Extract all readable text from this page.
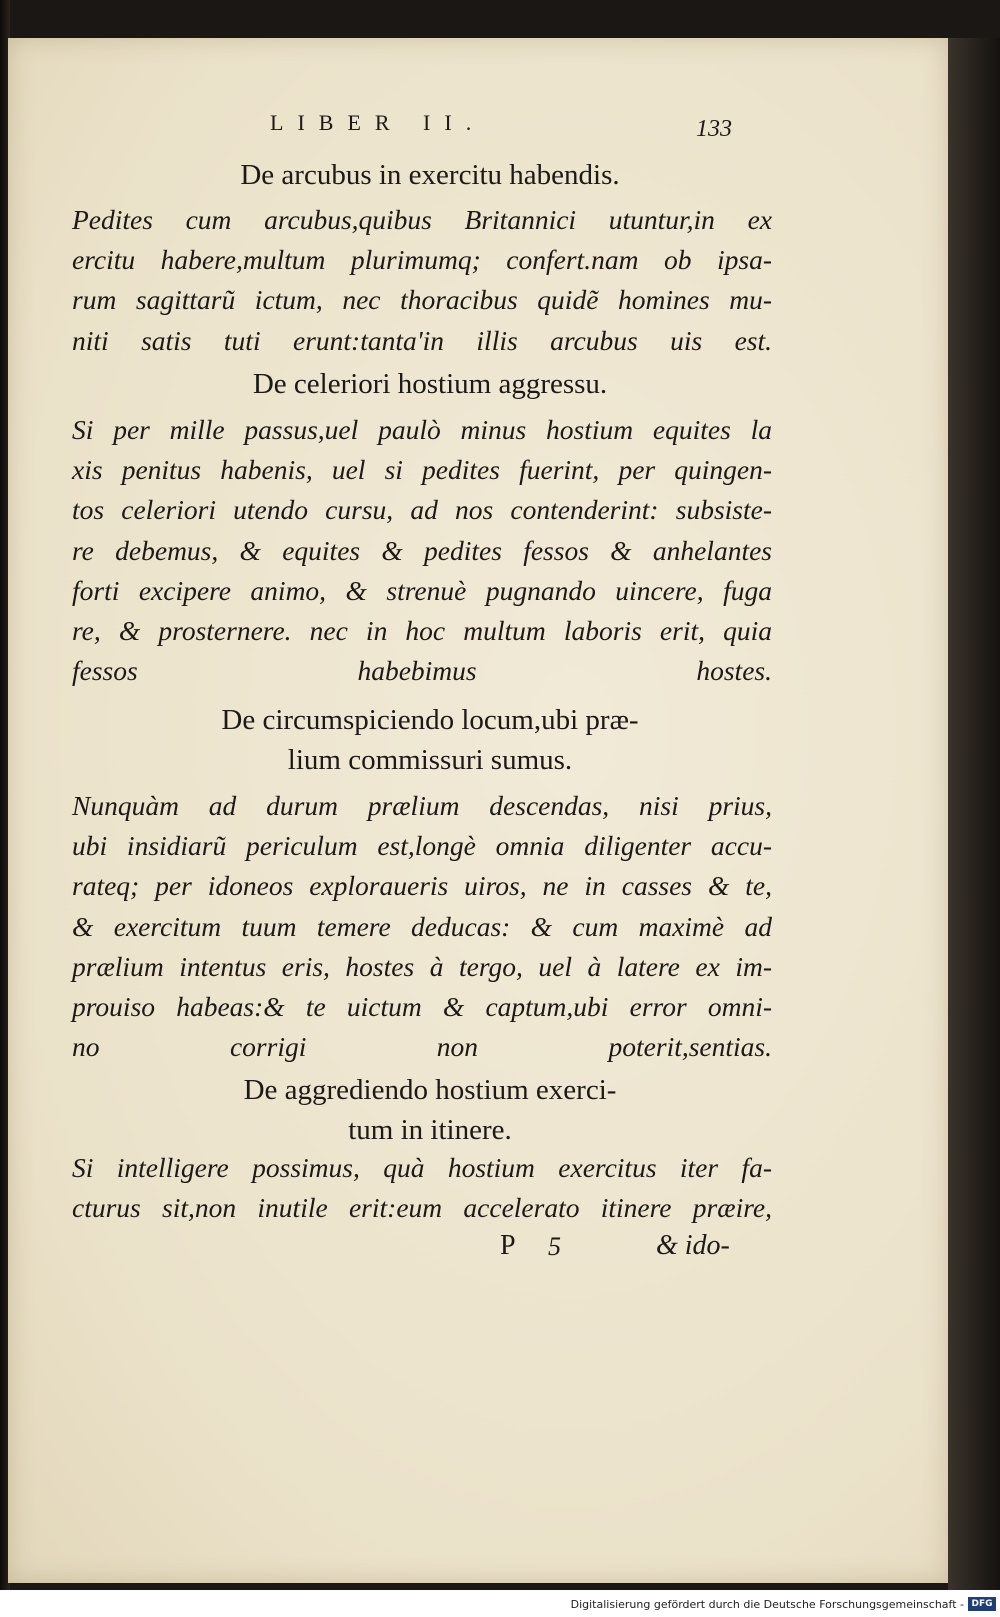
LIBER II.	133
De arcubus in exercitu habendis.
Pedites cum arcubus,quibus Britannici utuntur,in ex
ercitu habere,multum plurimumq; confert.nam ob ipsa-
rum sagittarũ ictum, nec thoracibus quidẽ homines mu-
niti satis tuti erunt:tanta'in illis arcubus uis est.
De celeriori hostium aggressu.
Si per mille passus,uel paulò minus hostium equites la
xis penitus habenis, uel si pedites fuerint, per quingen-
tos celeriori utendo cursu, ad nos contenderint: subsiste-
re debemus, & equites & pedites fessos & anhelantes
forti excipere animo, & strenuè pugnando uincere, fuga
re, & prosternere. nec in hoc multum laboris erit, quia
fessos habebimus hostes.
De circumspiciendo locum,ubi præ-
lium commissuri sumus.
Nunquàm ad durum prælium descendas, nisi prius,
ubi insidiarũ periculum est,longè omnia diligenter accu-
rateq; per idoneos exploraueris uiros, ne in casses & te,
& exercitum tuum temere deducas: & cum maximè ad
prælium intentus eris, hostes à tergo, uel à latere ex im-
prouiso habeas:& te uictum & captum,ubi error omni-
no corrigi non poterit,sentias.
De aggrediendo hostium exerci-
tum in itinere.
Si intelligere possimus, quà hostium exercitus iter fa-
cturus sit,non inutile erit:eum accelerato itinere præire,
P 5	& ido-
Digitalisierung gefördert durch die Deutsche Forschungsgemeinschaft - DFG
